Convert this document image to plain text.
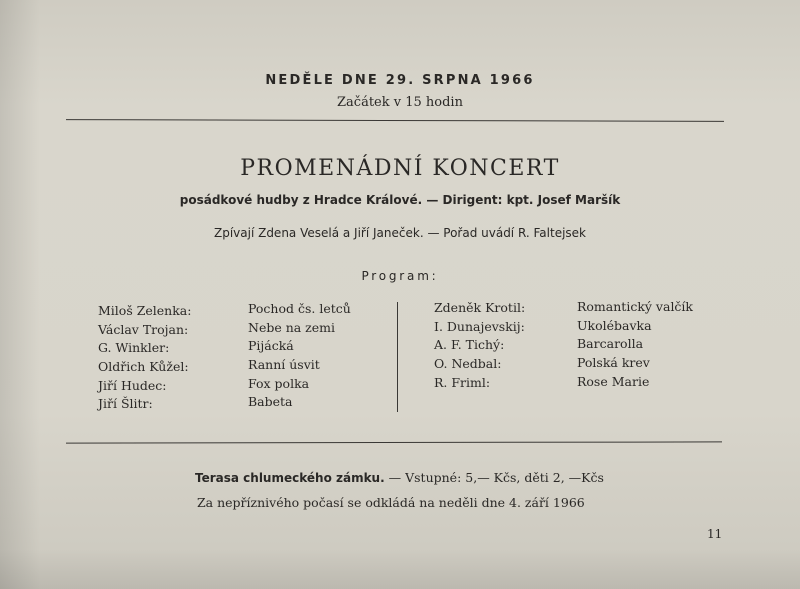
NEDĚLE DNE 29. SRPNA 1966
Začátek v 15 hodin
PROMENÁDNÍ KONCERT
posádkové hudby z Hradce Králové. — Dirigent: kpt. Josef Maršík
Zpívají Zdena Veselá a Jiří Janeček. — Pořad uvádí R. Faltejsek
Program:
Miloš Zelenka:
Václav Trojan:
G. Winkler:
Oldřich Kůžel:
Jiří Hudec:
Jiří Šlitr:
Pochod čs. letců
Nebe na zemi
Pijácká
Ranní úsvit
Fox polka
Babeta
Zdeněk Krotil:
I. Dunajevskij:
A. F. Tichý:
O. Nedbal:
R. Friml:
Romantický valčík
Ukolébavka
Barcarolla
Polská krev
Rose Marie
Terasa chlumeckého zámku. — Vstupné: 5,— Kčs, děti 2, —Kčs
Za nepříznivého počasí se odkládá na neděli dne 4. září 1966
11
